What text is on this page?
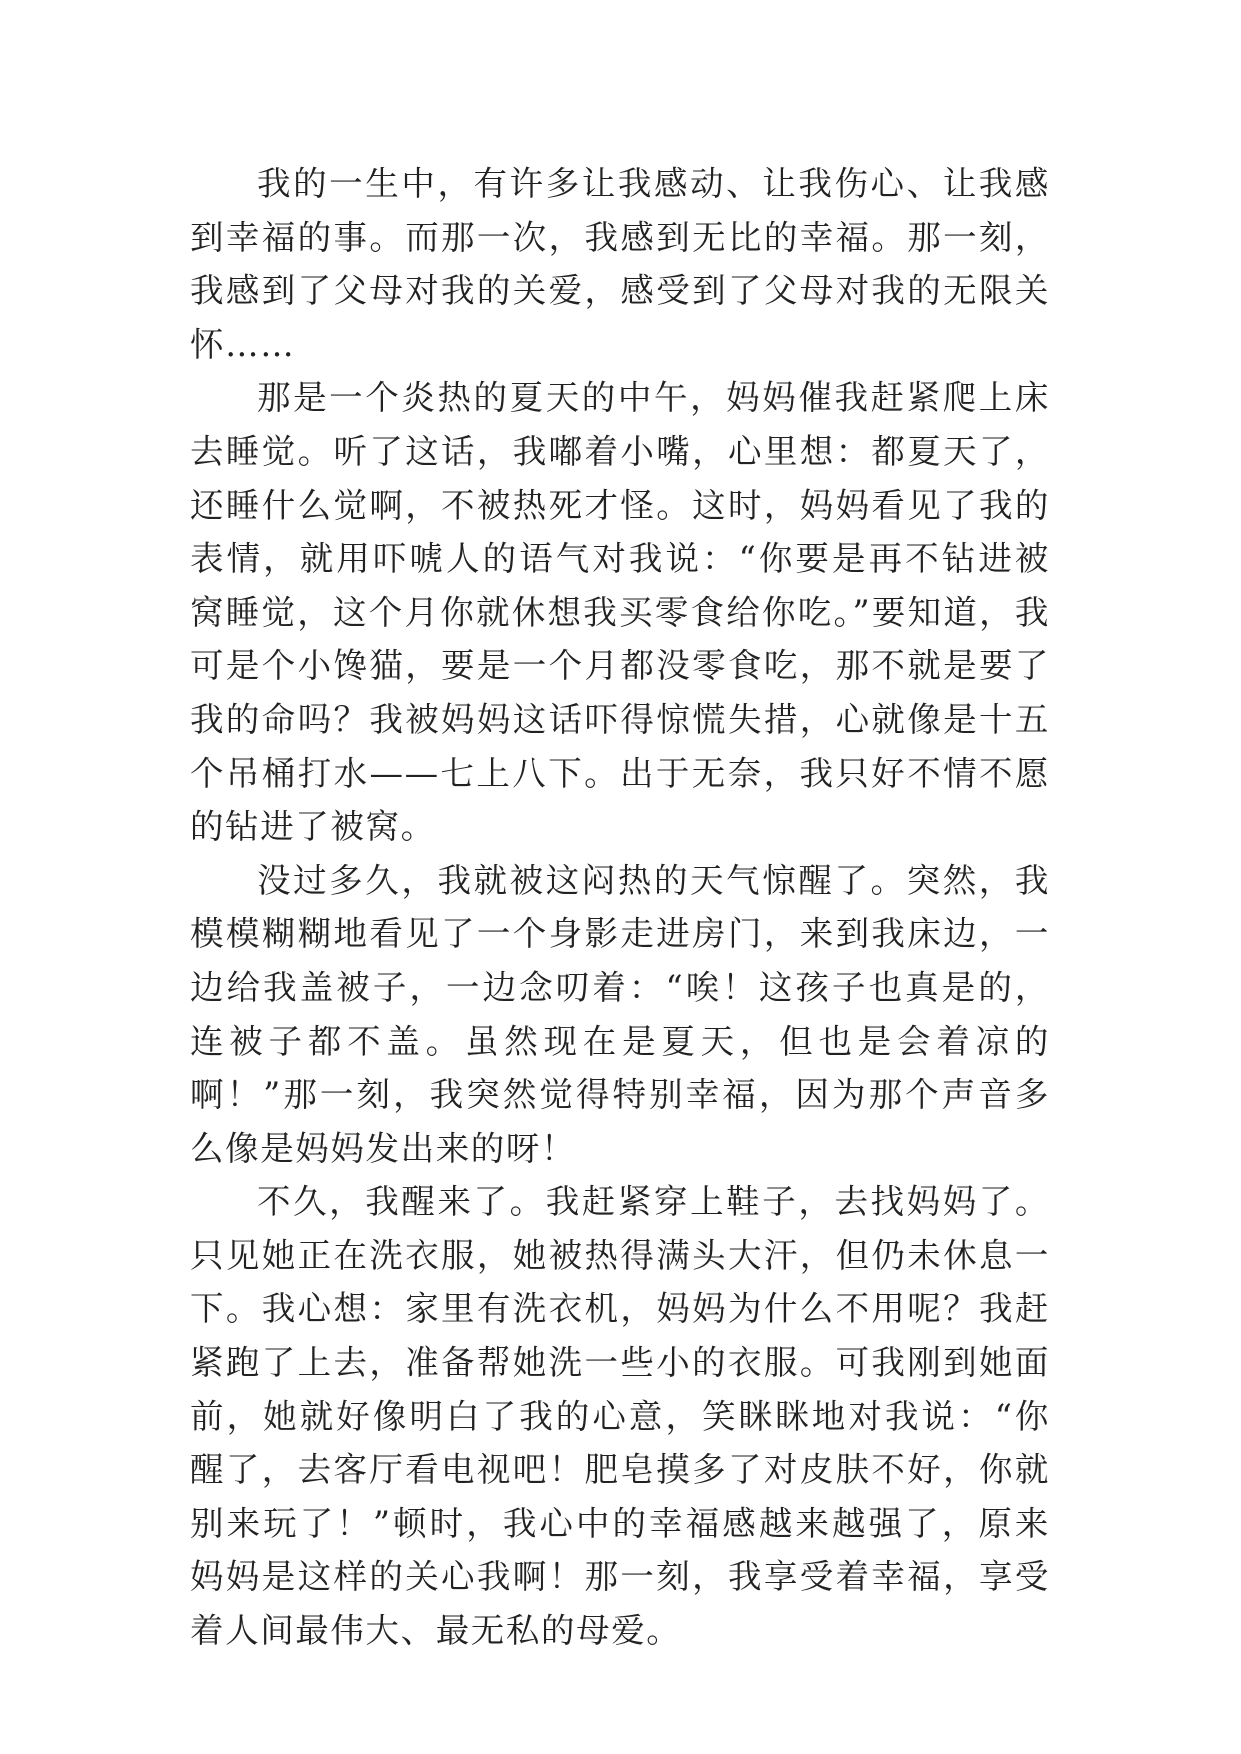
我的一生中，有许多让我感动、让我伤心、让我感到幸福的事。而那一次，我感到无比的幸福。那一刻，我感到了父母对我的关爱，感受到了父母对我的无限关怀……

那是一个炎热的夏天的中午，妈妈催我赶紧爬上床去睡觉。听了这话，我嘟着小嘴，心里想：都夏天了，还睡什么觉啊，不被热死才怪。这时，妈妈看见了我的表情，就用吓唬人的语气对我说：“你要是再不钻进被窝睡觉，这个月你就休想我买零食给你吃。”要知道，我可是个小馋猫，要是一个月都没零食吃，那不就是要了我的命吗？我被妈妈这话吓得惊慌失措，心就像是十五个吊桶打水——七上八下。出于无奈，我只好不情不愿的钻进了被窝。

没过多久，我就被这闷热的天气惊醒了。突然，我模模糊糊地看见了一个身影走进房门，来到我床边，一边给我盖被子，一边念叨着：“唉！这孩子也真是的，连被子都不盖。虽然现在是夏天，但也是会着凉的啊！”那一刻，我突然觉得特别幸福，因为那个声音多么像是妈妈发出来的呀！

不久，我醒来了。我赶紧穿上鞋子，去找妈妈了。只见她正在洗衣服，她被热得满头大汗，但仍未休息一下。我心想：家里有洗衣机，妈妈为什么不用呢？我赶紧跑了上去，准备帮她洗一些小的衣服。可我刚到她面前，她就好像明白了我的心意，笑眯眯地对我说：“你醒了，去客厅看电视吧！肥皂摸多了对皮肤不好，你就别来玩了！”顿时，我心中的幸福感越来越强了，原来妈妈是这样的关心我啊！那一刻，我享受着幸福，享受着人间最伟大、最无私的母爱。
